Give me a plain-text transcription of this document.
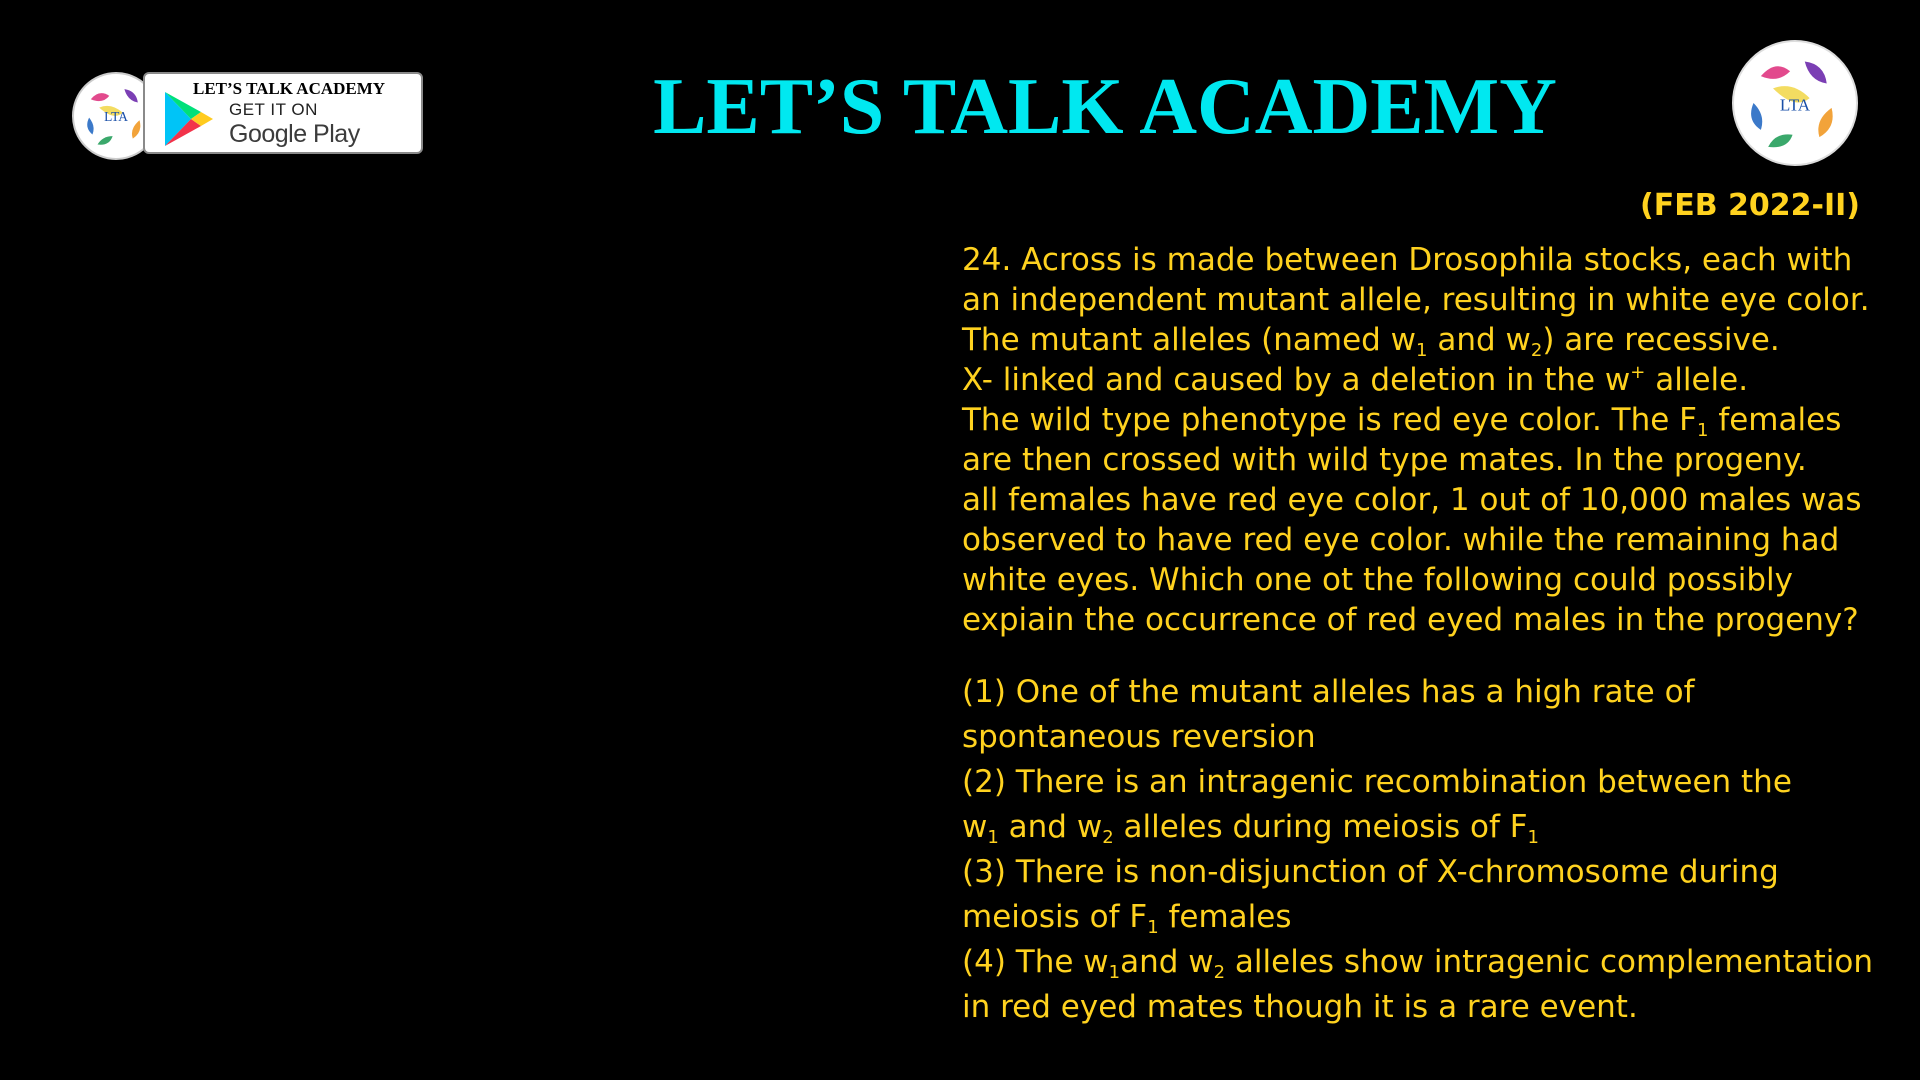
LTA
LET’S TALK ACADEMY
GET IT ON
Google Play	LET’S TALK ACADEMY	LTA
(FEB 2022-II)

24. Across is made between Drosophila stocks, each with

an independent mutant allele, resulting in white eye color.

The mutant alleles (named $w_1$ and $w_2$) are recessive.

X- linked and caused by a deletion in the w+ allele.

The wild type phenotype is red eye color. The $F_1$ females

are then crossed with wild type mates. In the progeny.

all females have red eye color, 1 out of 10,000 males was

observed to have red eye color. while the remaining had

white eyes. Which one ot the following could possibly

expiain the occurrence of red eyed males in the progeny?

(1) One of the mutant alleles has a high rate of

spontaneous reversion

(2) There is an intragenic recombination between the

$w_1$ and $w_2$ alleles during meiosis of $F_1$

(3) There is non-disjunction of X-chromosome during

meiosis of $F_1$ females

(4) The $w_1and$ $w_2$ alleles show intragenic complementation

in red eyed mates though it is a rare event.
